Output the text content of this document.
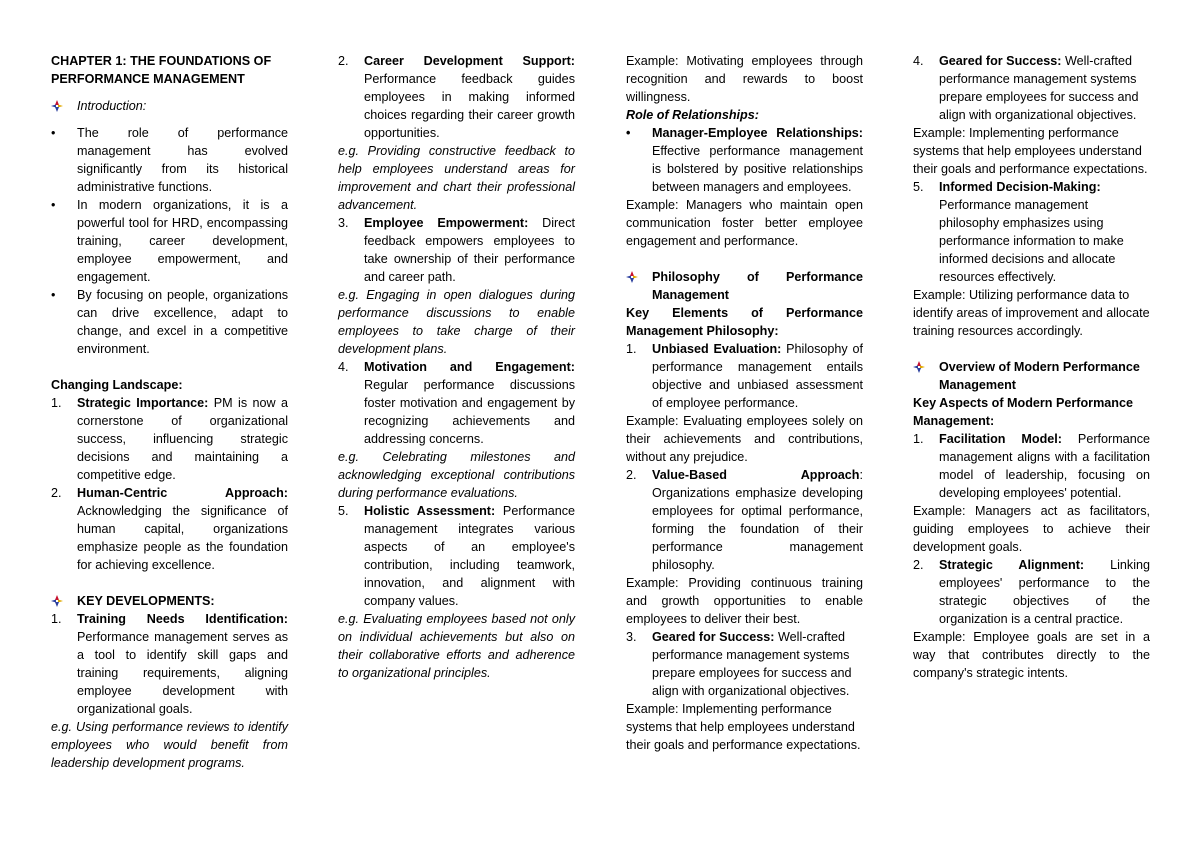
CHAPTER 1: THE FOUNDATIONS OF PERFORMANCE MANAGEMENT

Introduction:
•	The role of performance management has evolved significantly from its historical administrative functions.
•	In modern organizations, it is a powerful tool for HRD, encompassing training, career development, employee empowerment, and engagement.
•	By focusing on people, organizations can drive excellence, adapt to change, and excel in a competitive environment.

Changing Landscape:

1.	Strategic Importance: PM is now a cornerstone of organizational success, influencing strategic decisions and maintaining a competitive edge.
2.	Human-Centric Approach: Acknowledging the significance of human capital, organizations emphasize people as the foundation for achieving excellence.
KEY DEVELOPMENTS:
1.	Training Needs Identification: Performance management serves as a tool to identify skill gaps and training requirements, aligning employee development with organizational goals.

e.g. Using performance reviews to identify employees who would benefit from leadership development programs.

2.	Career Development Support: Performance feedback guides employees in making informed choices regarding their career growth opportunities.

e.g. Providing constructive feedback to help employees understand areas for improvement and chart their professional advancement.

3.	Employee Empowerment: Direct feedback empowers employees to take ownership of their performance and career path.

e.g. Engaging in open dialogues during performance discussions to enable employees to take charge of their development plans.

4.	Motivation and Engagement: Regular performance discussions foster motivation and engagement by recognizing achievements and addressing concerns.

e.g. Celebrating milestones and acknowledging exceptional contributions during performance evaluations.

5.	Holistic Assessment: Performance management integrates various aspects of an employee's contribution, including teamwork, innovation, and alignment with company values.

e.g. Evaluating employees based not only on individual achievements but also on their collaborative efforts and adherence to organizational principles.

Example: Motivating employees through recognition and rewards to boost willingness.

Role of Relationships:

•	Manager-Employee Relationships: Effective performance management is bolstered by positive relationships between managers and employees.

Example: Managers who maintain open communication foster better employee engagement and performance.

Philosophy of Performance Management

Key Elements of Performance Management Philosophy:

1.	Unbiased Evaluation: Philosophy of performance management entails objective and unbiased assessment of employee performance.

Example: Evaluating employees solely on their achievements and contributions, without any prejudice.

2.	Value-Based Approach: Organizations emphasize developing employees for optimal performance, forming the foundation of their performance management philosophy.

Example: Providing continuous training and growth opportunities to enable employees to deliver their best.

3.	Geared for Success: Well-crafted performance management systems prepare employees for success and align with organizational objectives.

Example: Implementing performance systems that help employees understand their goals and performance expectations.

4.	Geared for Success: Well-crafted performance management systems prepare employees for success and align with organizational objectives.

Example: Implementing performance systems that help employees understand their goals and performance expectations.

5.	Informed Decision-Making: Performance management philosophy emphasizes using performance information to make informed decisions and allocate resources effectively.

Example: Utilizing performance data to identify areas of improvement and allocate training resources accordingly.

Overview of Modern Performance Management

Key Aspects of Modern Performance Management:

1.	Facilitation Model: Performance management aligns with a facilitation model of leadership, focusing on developing employees' potential.

Example: Managers act as facilitators, guiding employees to achieve their development goals.

2.	Strategic Alignment: Linking employees' performance to the strategic objectives of the organization is a central practice.

Example: Employee goals are set in a way that contributes directly to the company's strategic intents.
